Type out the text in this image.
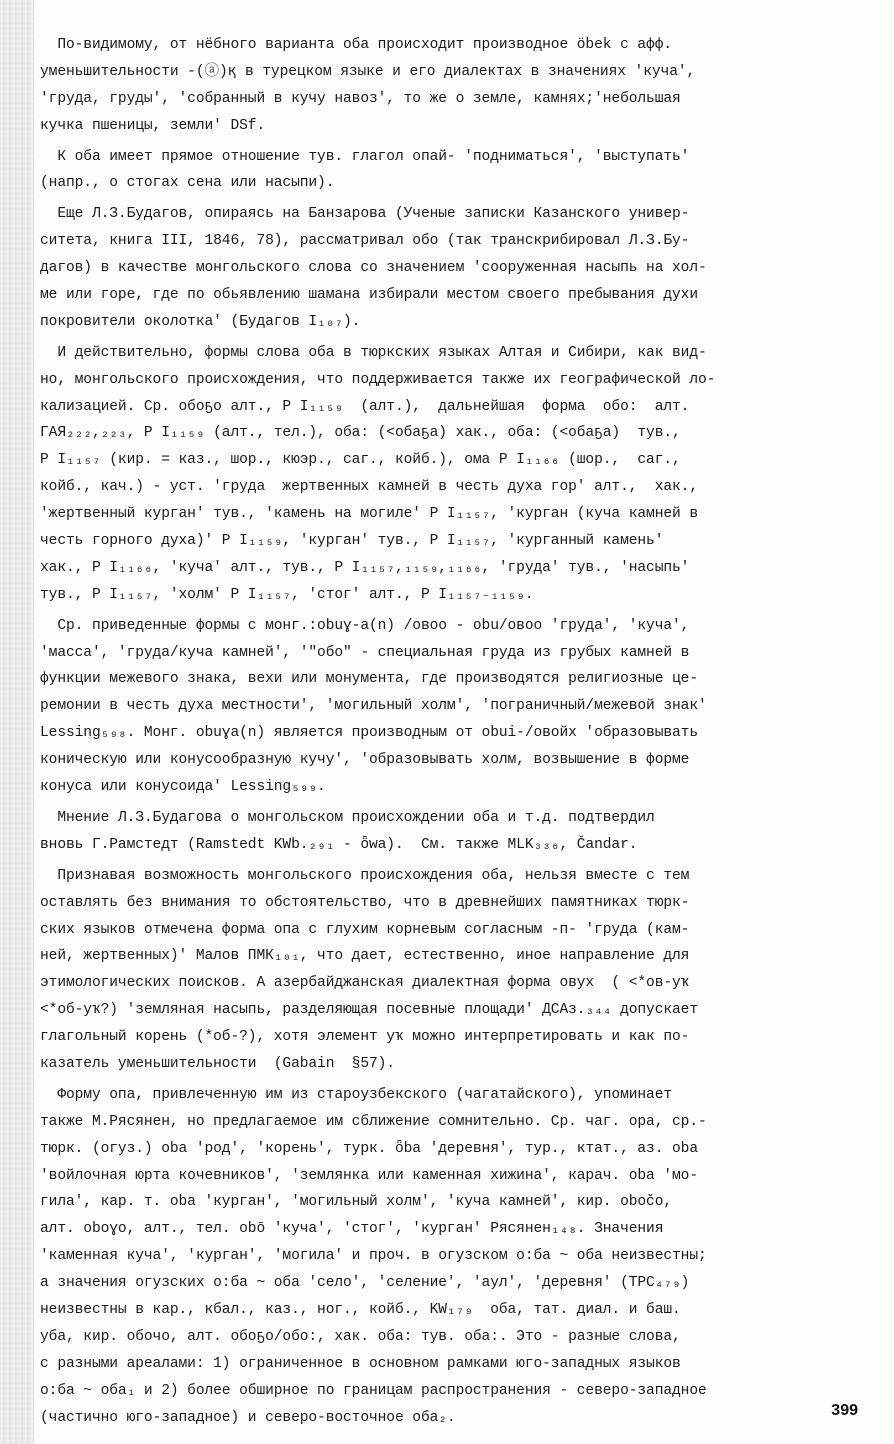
По-видимому, от нёбного варианта оба происходит производное ӧbek с афф.
уменьшительности -(ⓐ)қ в турецком языке и его диалектах в значениях 'куча',
'груда, груды', 'собранный в кучу навоз', то же о земле, камнях;'небольшая
кучка пшеницы, земли' DSf.
К оба имеет прямое отношение тув. глагол опай- 'подниматься', 'выступать'
(напр., о стогах сена или насыпи).
Еще Л.З.Будагов, опираясь на Банзарова (Ученые записки Казанского универ-
ситета, книга III, 1846, 78), рассматривал обо (так транскрибировал Л.З.Бу-
дагов) в качестве монгольского слова со значением 'сооруженная насыпь на хол-
ме или горе, где по обьявлению шамана избирали местом своего пребывания духи
покровители околотка' (Будагов I₁₀₇).
И действительно, формы слова оба в тюркских языках Алтая и Сибири, как вид-
но, монгольского происхождения, что поддерживается также их географической ло-
кализацией. Ср. обоҕо алт., Р I₁₁₅₉  (алт.),  дальнейшая  форма  обо:  алт.
ГАЯ₂₂₂,₂₂₃, Р I₁₁₅₉ (алт., тел.), оба: (<обаҕа) хак., оба: (<обаҕа)  тув.,
Р I₁₁₅₇ (кир. = каз., шор., кюэр., саг., койб.), ома Р I₁₁₆₆ (шор.,  саг.,
койб., кач.) - уст. 'груда  жертвенных камней в честь духа гор' алт.,  хак.,
'жертвенный курган' тув., 'камень на могиле' Р I₁₁₅₇, 'курган (куча камней в
честь горного духа)' Р I₁₁₅₉, 'курган' тув., Р I₁₁₅₇, 'курганный камень'
хак., Р I₁₁₆₆, 'куча' алт., тув., Р I₁₁₅₇,₁₁₅₉,₁₁₆₆, 'груда' тув., 'насыпь'
тув., Р I₁₁₅₇, 'холм' Р I₁₁₅₇, 'стог' алт., Р I₁₁₅₇₋₁₁₅₉.
Ср. приведенные формы с монг.:obuɣ-a(n) /овоо - obu/овоо 'груда', 'куча',
'масса', 'груда/куча камней', '"обо" - специальная груда из грубых камней в
функции межевого знака, вехи или монумента, где производятся религиозные це-
ремонии в честь духа местности', 'могильный холм', 'пограничный/межевой знак'
Lessing₅₉₈. Монг. obuɣa(n) является производным от obui-/овойх 'образовывать
коническую или конусообразную кучу', 'образовывать холм, возвышение в форме
конуса или конусоида' Lessing₅₉₉.
Мнение Л.З.Будагова о монгольском происхождении оба и т.д. подтвердил
вновь Г.Рамстедт (Ramstedt KWb.₂₉₁ - ȫwa).  См. также MLK₃₃₆, Čandar.
Признавая возможность монгольского происхождения оба, нельзя вместе с тем
оставлять без внимания то обстоятельство, что в древнейших памятниках тюрк-
ских языков отмечена форма опа с глухим корневым согласным -п- 'груда (кам-
ней, жертвенных)' Малов ПМК₁₀₁, что дает, естественно, иное направление для
этимологических поисков. А азербайджанская диалектная форма овух  ( <*ов-уҡ
<*об-уҡ?) 'земляная насыпь, разделяющая посевные площади' ДСАз.₃₄₄ допускает
глагольный корень (*об-?), хотя элемент уҡ можно интерпретировать и как по-
казатель уменьшительности  (Gabain  §57).
Форму опа, привлеченную им из староузбекского (чагатайского), упоминает
также М.Рясянен, но предлагаемое им сближение сомнительно. Ср. чаг. opa, ср.-
тюрк. (огуз.) oba 'род', 'корень', турк. ȫba 'деревня', тур., ктат., аз. oba
'войлочная юрта кочевников', 'землянка или каменная хижина', карач. oba 'мо-
гила', кар. т. oba 'курган', 'могильный холм', 'куча камней', кир. obočo,
алт. oboɣo, алт., тел. obō 'куча', 'стог', 'курган' Рясянен₁₄₈. Значения
'каменная куча', 'курган', 'могила' и проч. в огузском о:ба ~ оба неизвестны;
а значения огузских о:ба ~ оба 'село', 'селение', 'аул', 'деревня' (ТРС₄₇₉)
неизвестны в кар., кбал., каз., ног., койб., KW₁₇₉  оба, тат. диал. и баш.
уба, кир. обочо, алт. обоҕо/обо:, хак. оба: тув. оба:. Это - разные слова,
с разными ареалами: 1) ограниченное в основном рамками юго-западных языков
о:ба ~ оба₁ и 2) более обширное по границам распространения - северо-западное
(частично юго-западное) и северо-восточное оба₂.	399
